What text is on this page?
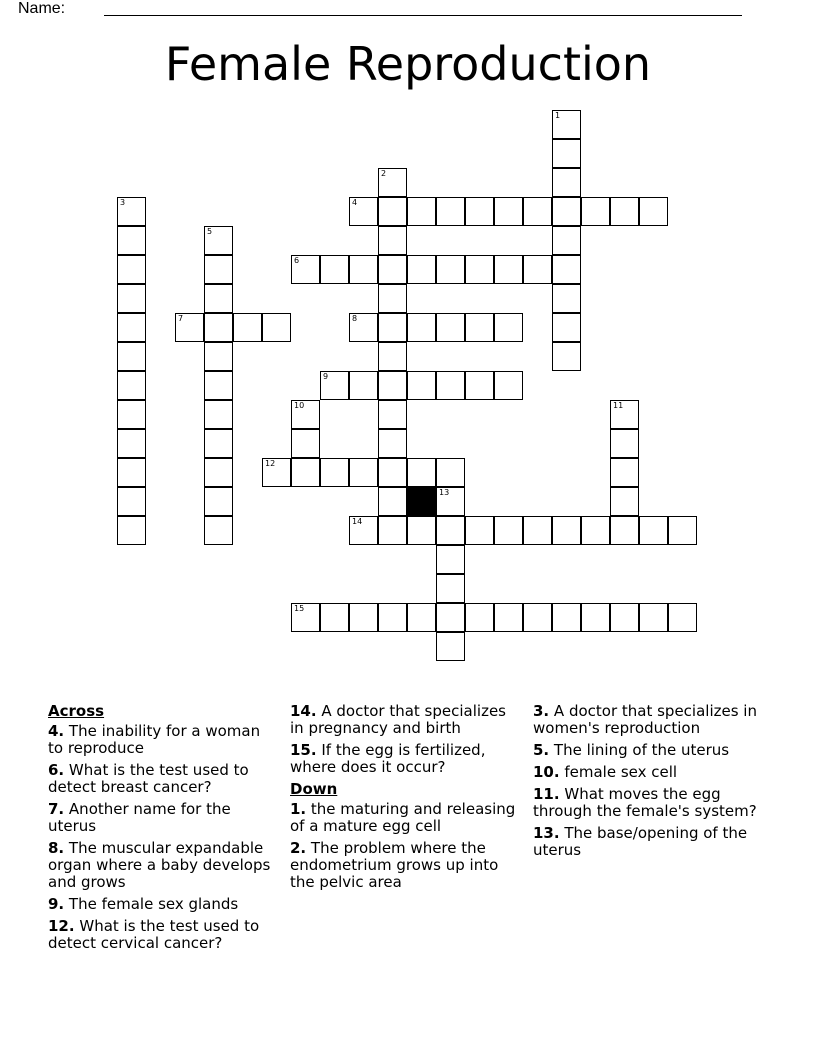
Name:
Female Reproduction
1
2
3	4
5
6
7	8
9
10	11
12
13
14
15
Across
4. The inability for a woman to reproduce
6. What is the test used to detect breast cancer?
7. Another name for the uterus
8. The muscular expandable organ where a baby develops and grows
9. The female sex glands
12. What is the test used to detect cervical cancer?
14. A doctor that specializes in pregnancy and birth
15. If the egg is fertilized, where does it occur?
Down
1. the maturing and releasing of a mature egg cell
2. The problem where the endometrium grows up into the pelvic area
3. A doctor that specializes in women's reproduction
5. The lining of the uterus
10. female sex cell
11. What moves the egg through the female's system?
13. The base/opening of the uterus
